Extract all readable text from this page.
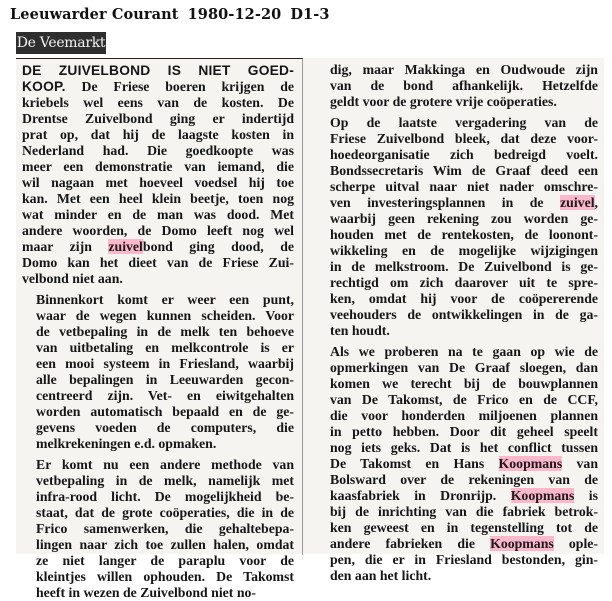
Leeuwarder Courant 1980-12-20 D1-3
De Veemarkt

DE ZUIVELBOND IS NIET GOED-
KOOP. De Friese boeren krijgen de
kriebels wel eens van de kosten. De
Drentse Zuivelbond ging er indertijd
prat op, dat hij de laagste kosten in
Nederland had. Die goedkoopte was
meer een demonstratie van iemand, die
wil nagaan met hoeveel voedsel hij toe
kan. Met een heel klein beetje, toen nog
wat minder en de man was dood. Met
andere woorden, de Domo leeft nog wel
maar zijn zuivelbond ging dood, de
Domo kan het dieet van de Friese Zui-
velbond niet aan.

Binnenkort komt er weer een punt,
waar de wegen kunnen scheiden. Voor
de vetbepaling in de melk ten behoeve
van uitbetaling en melkcontrole is er
een mooi systeem in Friesland, waarbij
alle bepalingen in Leeuwarden gecon-
centreerd zijn. Vet- en eiwitgehalten
worden automatisch bepaald en de ge-
gevens voeden de computers, die
melkrekeningen e.d. opmaken.

Er komt nu een andere methode van
vetbepaling in de melk, namelijk met
infra-rood licht. De mogelijkheid be-
staat, dat de grote coöperaties, die in de
Frico samenwerken, die gehaltebepa-
lingen naar zich toe zullen halen, omdat
ze niet langer de paraplu voor de
kleintjes willen ophouden. De Takomst
heeft in wezen de Zuivelbond niet no-

dig, maar Makkinga en Oudwoude zijn
van de bond afhankelijk. Hetzelfde
geldt voor de grotere vrije coöperaties.

Op de laatste vergadering van de
Friese Zuivelbond bleek, dat deze voor-
hoedeorganisatie zich bedreigd voelt.
Bondssecretaris Wim de Graaf deed een
scherpe uitval naar niet nader omschre-
ven investeringsplannen in de zuivel,
waarbij geen rekening zou worden ge-
houden met de rentekosten, de loonont-
wikkeling en de mogelijke wijzigingen
in de melkstroom. De Zuivelbond is ge-
rechtigd om zich daarover uit te spre-
ken, omdat hij voor de coöpererende
veehouders de ontwikkelingen in de ga-
ten houdt.

Als we proberen na te gaan op wie de
opmerkingen van De Graaf sloegen, dan
komen we terecht bij de bouwplannen
van De Takomst, de Frico en de CCF,
die voor honderden miljoenen plannen
in petto hebben. Door dit geheel speelt
nog iets geks. Dat is het conflict tussen
De Takomst en Hans Koopmans van
Bolsward over de rekeningen van de
kaasfabriek in Dronrijp. Koopmans is
bij de inrichting van die fabriek betrok-
ken geweest en in tegenstelling tot de
andere fabrieken die Koopmans ople-
pen, die er in Friesland bestonden, gin-
den aan het licht.
